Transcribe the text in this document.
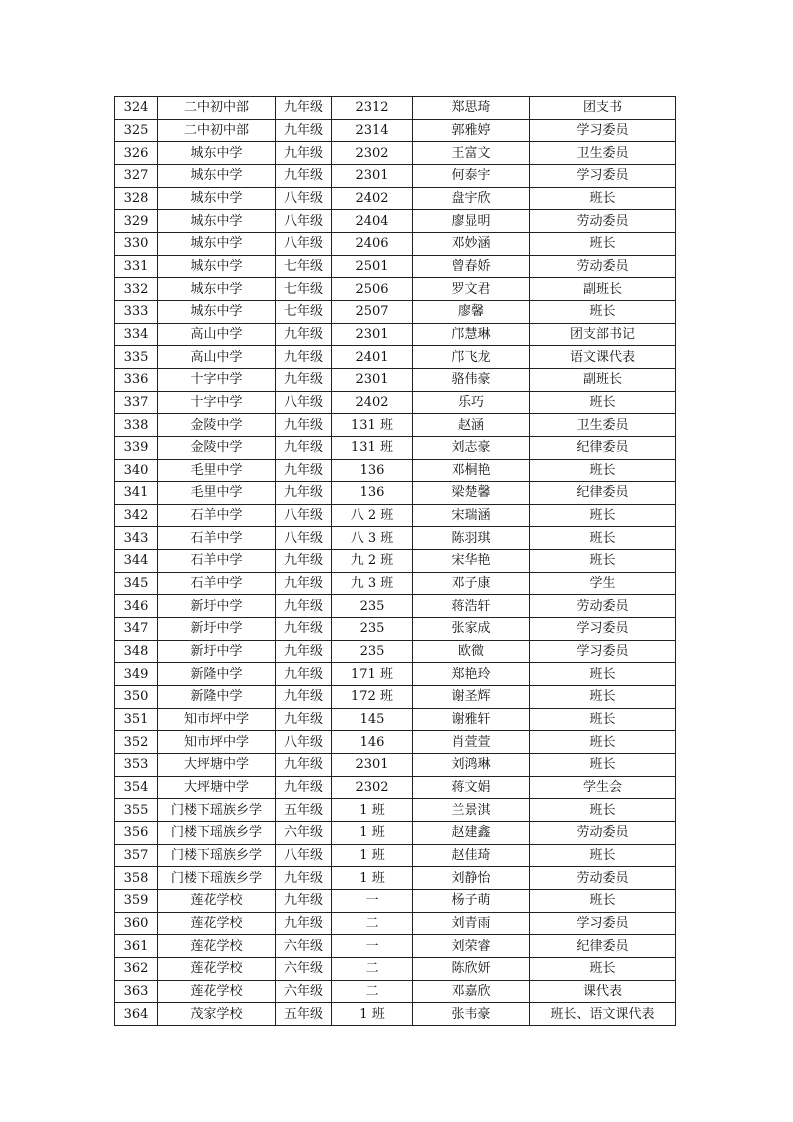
324	二中初中部	九年级	2312	郑思琦	团支书
325	二中初中部	九年级	2314	郭雅婷	学习委员
326	城东中学	九年级	2302	王富文	卫生委员
327	城东中学	九年级	2301	何泰宇	学习委员
328	城东中学	八年级	2402	盘宇欣	班长
329	城东中学	八年级	2404	廖显明	劳动委员
330	城东中学	八年级	2406	邓妙涵	班长
331	城东中学	七年级	2501	曾春娇	劳动委员
332	城东中学	七年级	2506	罗文君	副班长
333	城东中学	七年级	2507	廖馨	班长
334	高山中学	九年级	2301	邝慧琳	团支部书记
335	高山中学	九年级	2401	邝飞龙	语文课代表
336	十字中学	九年级	2301	骆伟豪	副班长
337	十字中学	八年级	2402	乐巧	班长
338	金陵中学	九年级	131 班	赵涵	卫生委员
339	金陵中学	九年级	131 班	刘志豪	纪律委员
340	毛里中学	九年级	136	邓桐艳	班长
341	毛里中学	九年级	136	梁楚馨	纪律委员
342	石羊中学	八年级	八 2 班	宋瑞涵	班长
343	石羊中学	八年级	八 3 班	陈羽琪	班长
344	石羊中学	九年级	九 2 班	宋华艳	班长
345	石羊中学	九年级	九 3 班	邓子康	学生
346	新圩中学	九年级	235	蒋浩轩	劳动委员
347	新圩中学	九年级	235	张家成	学习委员
348	新圩中学	九年级	235	欧微	学习委员
349	新隆中学	九年级	171 班	郑艳玲	班长
350	新隆中学	九年级	172 班	谢圣辉	班长
351	知市坪中学	九年级	145	谢雅轩	班长
352	知市坪中学	八年级	146	肖萱萱	班长
353	大坪塘中学	九年级	2301	刘鸿琳	班长
354	大坪塘中学	九年级	2302	蒋文娟	学生会
355	门楼下瑶族乡学	五年级	1 班	兰景淇	班长
356	门楼下瑶族乡学	六年级	1 班	赵建鑫	劳动委员
357	门楼下瑶族乡学	八年级	1 班	赵佳琦	班长
358	门楼下瑶族乡学	九年级	1 班	刘静怡	劳动委员
359	莲花学校	九年级	一	杨子萌	班长
360	莲花学校	九年级	二	刘青雨	学习委员
361	莲花学校	六年级	一	刘荣睿	纪律委员
362	莲花学校	六年级	二	陈欣妍	班长
363	莲花学校	六年级	二	邓嘉欣	课代表
364	茂家学校	五年级	1 班	张韦豪	班长、语文课代表
